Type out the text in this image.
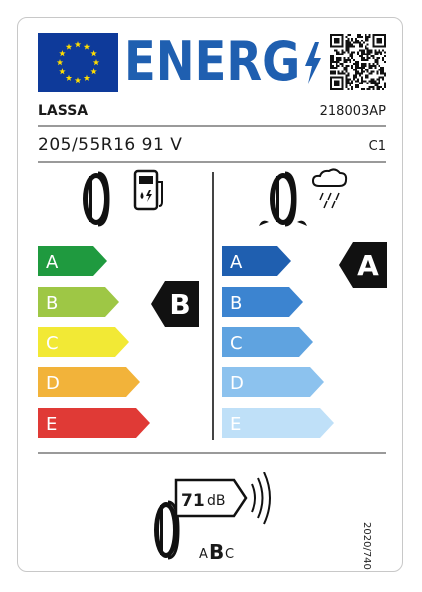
ENERG
LASSA	218003AP
205/55R16 91 V	C1
A
B
C
D
E
B
A
B
C
D
E
A
71 dB
A B C	2020/740
